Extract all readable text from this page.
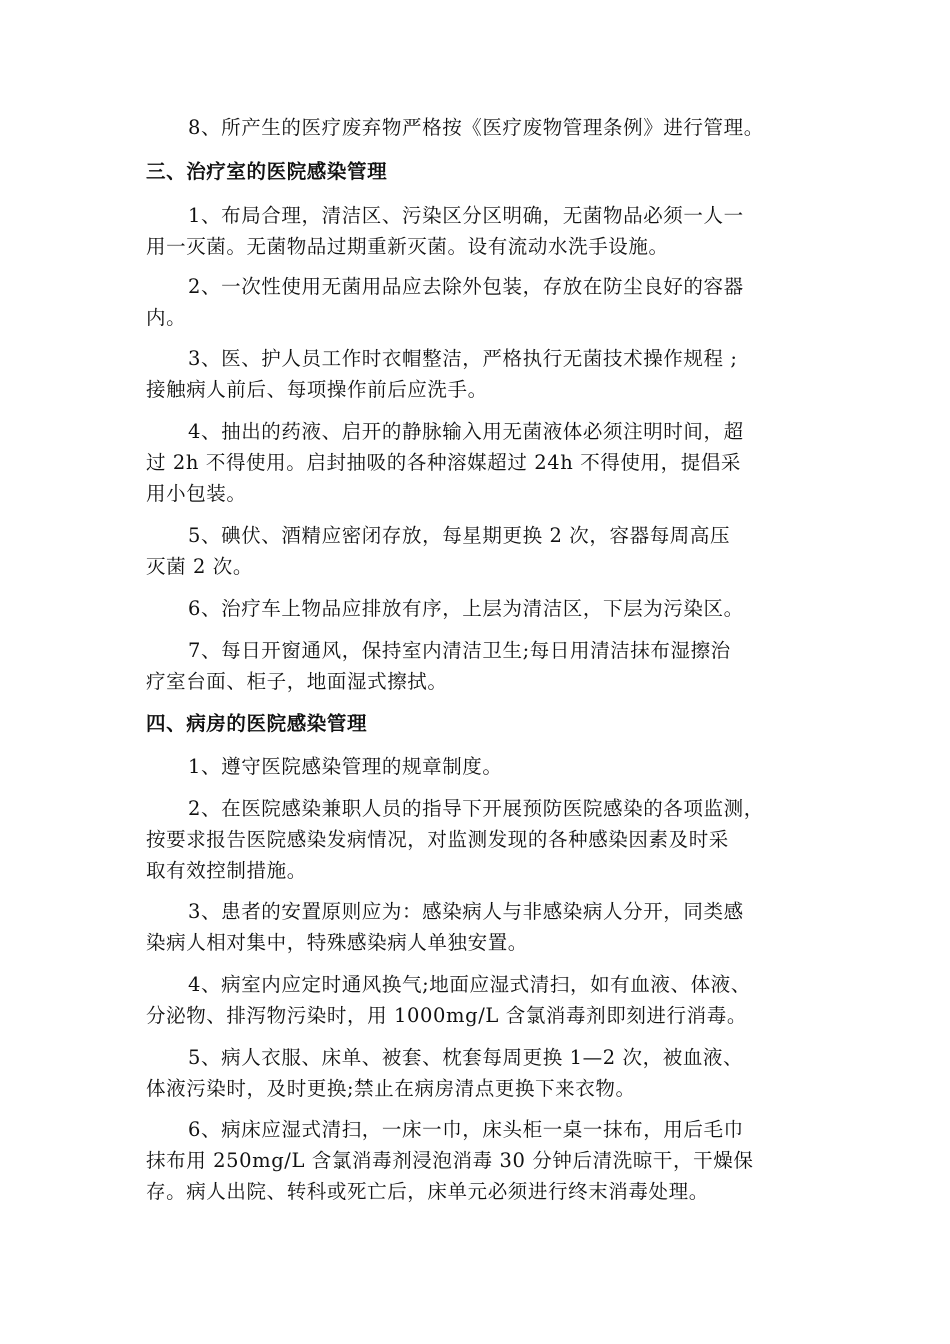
8、所产生的医疗废弃物严格按《医疗废物管理条例》进行管理。
三、治疗室的医院感染管理
1、布局合理，清洁区、污染区分区明确，无菌物品必须一人一
用一灭菌。无菌物品过期重新灭菌。设有流动水洗手设施。
2、一次性使用无菌用品应去除外包装，存放在防尘良好的容器
内。
3、医、护人员工作时衣帽整洁，严格执行无菌技术操作规程 ;
接触病人前后、每项操作前后应洗手。
4、抽出的药液、启开的静脉输入用无菌液体必须注明时间，超
过 2h 不得使用。启封抽吸的各种溶媒超过 24h 不得使用，提倡采
用小包装。
5、碘伏、酒精应密闭存放，每星期更换 2 次，容器每周高压
灭菌 2 次。
6、治疗车上物品应排放有序，上层为清洁区，下层为污染区。
7、每日开窗通风，保持室内清洁卫生;每日用清洁抹布湿擦治
疗室台面、柜子，地面湿式擦拭。
四、病房的医院感染管理
1、遵守医院感染管理的规章制度。
2、在医院感染兼职人员的指导下开展预防医院感染的各项监测，
按要求报告医院感染发病情况，对监测发现的各种感染因素及时采
取有效控制措施。
3、患者的安置原则应为：感染病人与非感染病人分开，同类感
染病人相对集中，特殊感染病人单独安置。
4、病室内应定时通风换气;地面应湿式清扫，如有血液、体液、
分泌物、排泻物污染时，用 1000mg/L 含氯消毒剂即刻进行消毒。
5、病人衣服、床单、被套、枕套每周更换 1—2 次，被血液、
体液污染时，及时更换;禁止在病房清点更换下来衣物。
6、病床应湿式清扫，一床一巾，床头柜一桌一抹布，用后毛巾
抹布用 250mg/L 含氯消毒剂浸泡消毒 30 分钟后清洗晾干，干燥保
存。病人出院、转科或死亡后，床单元必须进行终末消毒处理。
